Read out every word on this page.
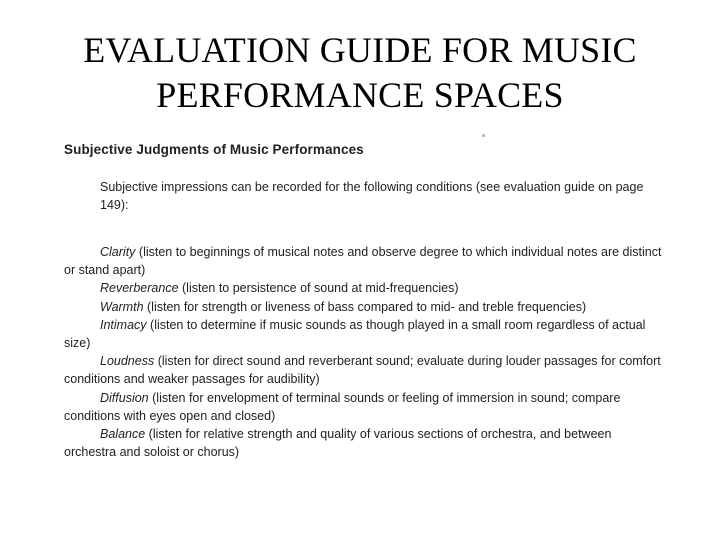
EVALUATION GUIDE FOR MUSIC
PERFORMANCE SPACES
Subjective Judgments of Music Performances
Subjective impressions can be recorded for the following conditions (see evaluation guide on page 149):

Clarity (listen to beginnings of musical notes and observe degree to which individual notes are distinct or stand apart)

Reverberance (listen to persistence of sound at mid-frequencies)

Warmth (listen for strength or liveness of bass compared to mid- and treble frequencies)

Intimacy (listen to determine if music sounds as though played in a small room regardless of actual size)

Loudness (listen for direct sound and reverberant sound; evaluate during louder passages for comfort conditions and weaker passages for audibility)

Diffusion (listen for envelopment of terminal sounds or feeling of immersion in sound; compare conditions with eyes open and closed)

Balance (listen for relative strength and quality of various sections of orchestra, and between orchestra and soloist or chorus)
